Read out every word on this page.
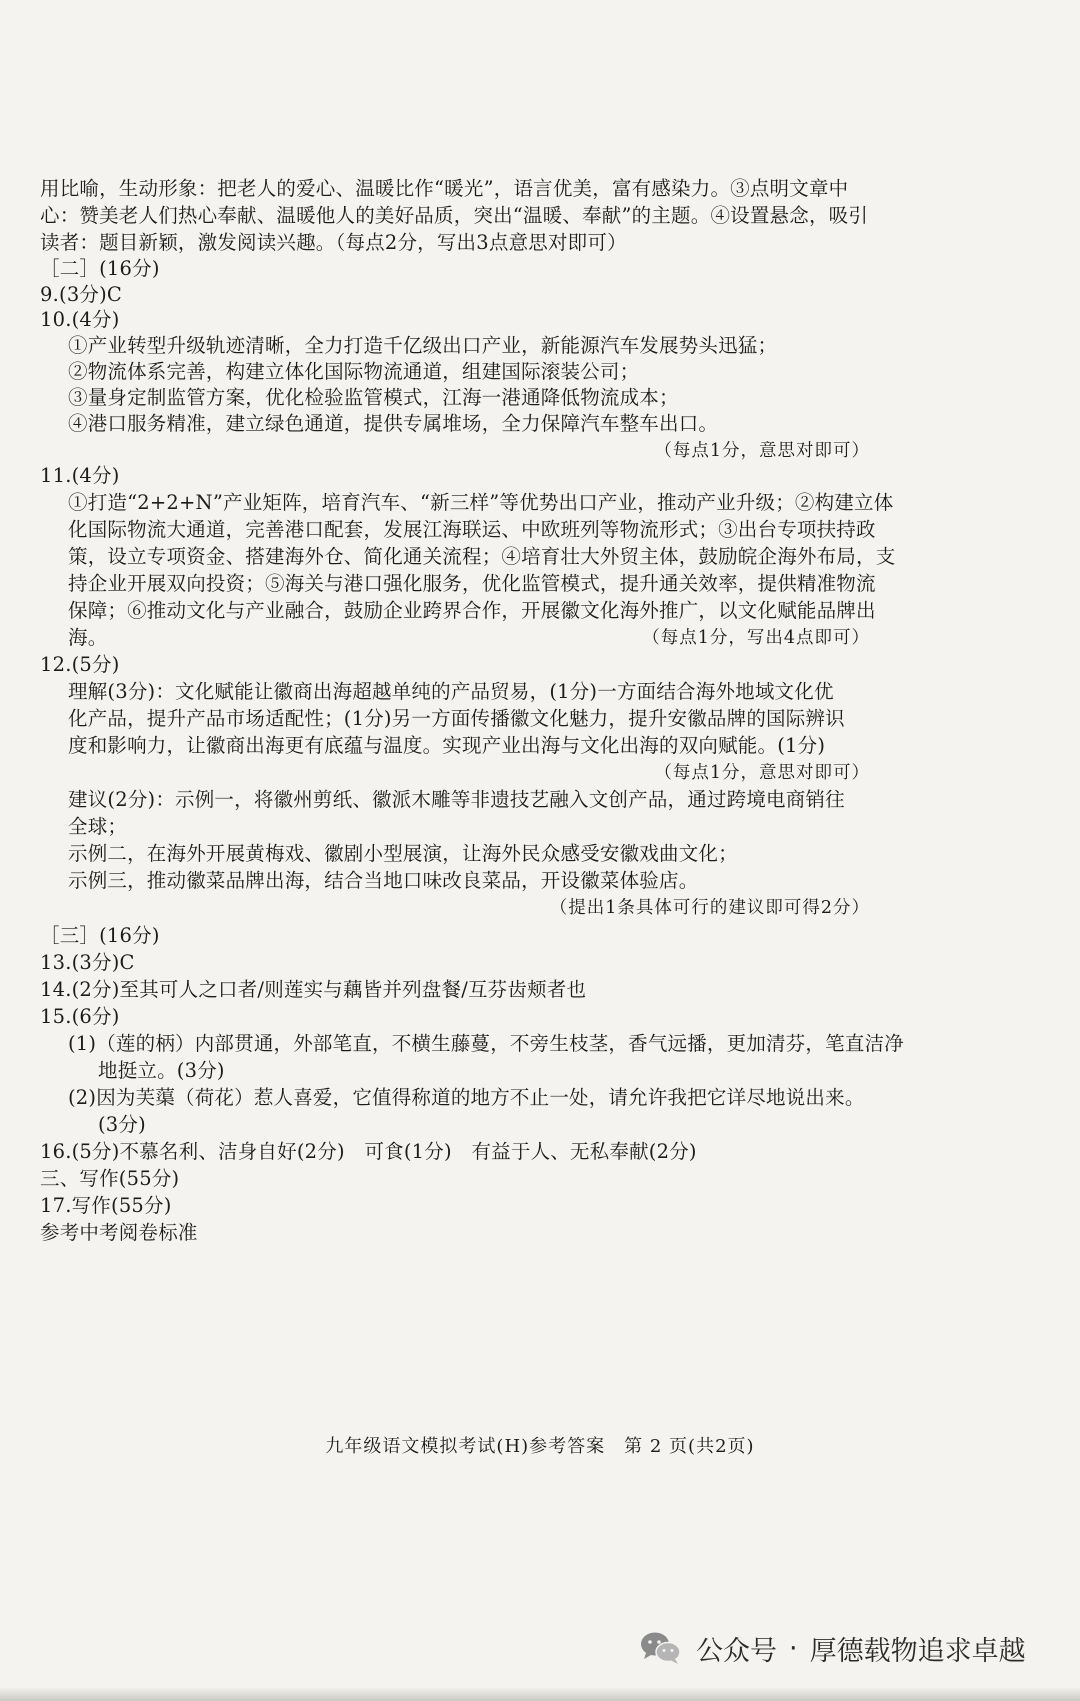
用比喻，生动形象：把老人的爱心、温暖比作“暖光”，语言优美，富有感染力。③点明文章中
心：赞美老人们热心奉献、温暖他人的美好品质，突出“温暖、奉献”的主题。④设置悬念，吸引
读者：题目新颖，激发阅读兴趣。（每点2分，写出3点意思对即可）
［二］(16分)
9.(3分)C
10.(4分)
①产业转型升级轨迹清晰，全力打造千亿级出口产业，新能源汽车发展势头迅猛；
②物流体系完善，构建立体化国际物流通道，组建国际滚装公司；
③量身定制监管方案，优化检验监管模式，江海一港通降低物流成本；
④港口服务精准，建立绿色通道，提供专属堆场，全力保障汽车整车出口。
（每点1分，意思对即可）
11.(4分)
①打造“2+2+N”产业矩阵，培育汽车、“新三样”等优势出口产业，推动产业升级；②构建立体
化国际物流大通道，完善港口配套，发展江海联运、中欧班列等物流形式；③出台专项扶持政
策，设立专项资金、搭建海外仓、简化通关流程；④培育壮大外贸主体，鼓励皖企海外布局，支
持企业开展双向投资；⑤海关与港口强化服务，优化监管模式，提升通关效率，提供精准物流
保障；⑥推动文化与产业融合，鼓励企业跨界合作，开展徽文化海外推广，以文化赋能品牌出
海。	（每点1分，写出4点即可）
12.(5分)
理解(3分)：文化赋能让徽商出海超越单纯的产品贸易，(1分)一方面结合海外地域文化优
化产品，提升产品市场适配性；(1分)另一方面传播徽文化魅力，提升安徽品牌的国际辨识
度和影响力，让徽商出海更有底蕴与温度。实现产业出海与文化出海的双向赋能。(1分)
（每点1分，意思对即可）
建议(2分)：示例一，将徽州剪纸、徽派木雕等非遗技艺融入文创产品，通过跨境电商销往
全球；
示例二，在海外开展黄梅戏、徽剧小型展演，让海外民众感受安徽戏曲文化；
示例三，推动徽菜品牌出海，结合当地口味改良菜品，开设徽菜体验店。
（提出1条具体可行的建议即可得2分）
［三］(16分)
13.(3分)C
14.(2分)至其可人之口者/则莲实与藕皆并列盘餐/互芬齿颊者也
15.(6分)
(1)（莲的柄）内部贯通，外部笔直，不横生藤蔓，不旁生枝茎，香气远播，更加清芬，笔直洁净
地挺立。(3分)
(2)因为芙蕖（荷花）惹人喜爱，它值得称道的地方不止一处，请允许我把它详尽地说出来。
(3分)
16.(5分)不慕名利、洁身自好(2分)　可食(1分)　有益于人、无私奉献(2分)
三、写作(55分)
17.写作(55分)
参考中考阅卷标准
九年级语文模拟考试(H)参考答案　第 2 页(共2页)
公众号 · 厚德载物追求卓越
